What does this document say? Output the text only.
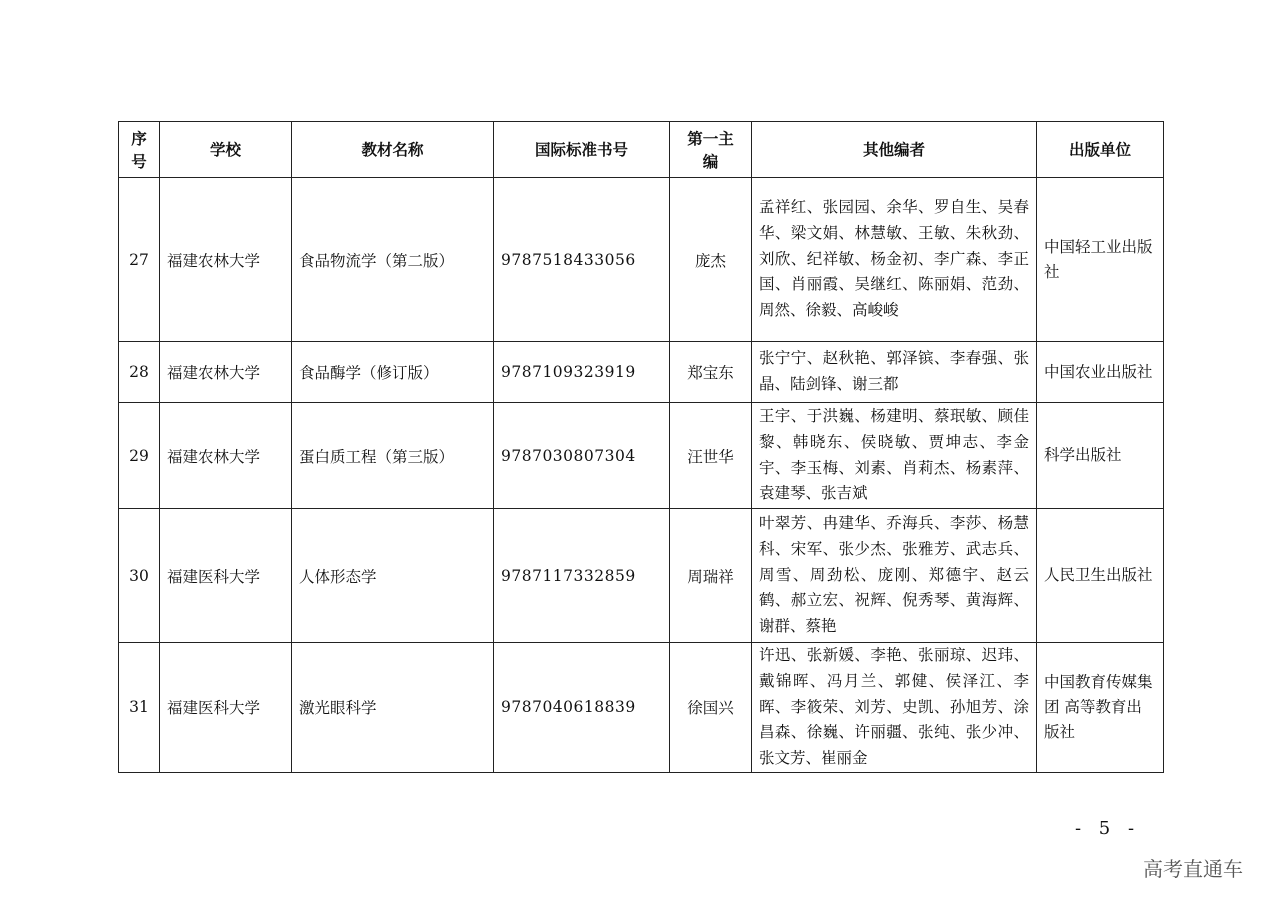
序号	学校	教材名称	国际标准书号	第一主编	其他编者	出版单位
27	福建农林大学	食品物流学（第二版）	9787518433056	庞杰	孟祥红、张园园、余华、罗自生、吴春华、梁文娟、林慧敏、王敏、朱秋劲、刘欣、纪祥敏、杨金初、李广森、李正国、肖丽霞、吴继红、陈丽娟、范劲、周然、徐毅、高峻峻	中国轻工业出版社
28	福建农林大学	食品酶学（修订版）	9787109323919	郑宝东	张宁宁、赵秋艳、郭泽镔、李春强、张晶、陆剑锋、谢三都	中国农业出版社
29	福建农林大学	蛋白质工程（第三版）	9787030807304	汪世华	王宇、于洪巍、杨建明、蔡珉敏、顾佳黎、韩晓东、侯晓敏、贾坤志、李金宇、李玉梅、刘素、肖莉杰、杨素萍、袁建琴、张吉斌	科学出版社
30	福建医科大学	人体形态学	9787117332859	周瑞祥	叶翠芳、冉建华、乔海兵、李莎、杨慧科、宋军、张少杰、张雅芳、武志兵、周雪、周劲松、庞刚、郑德宇、赵云鹤、郝立宏、祝辉、倪秀琴、黄海辉、谢群、蔡艳	人民卫生出版社
31	福建医科大学	激光眼科学	9787040618839	徐国兴	许迅、张新媛、李艳、张丽琼、迟玮、戴锦晖、冯月兰、郭健、侯泽江、李晖、李筱荣、刘芳、史凯、孙旭芳、涂昌森、徐巍、许丽疆、张纯、张少冲、张文芳、崔丽金	中国教育传媒集团 高等教育出版社
- 5 -
高考直通车
